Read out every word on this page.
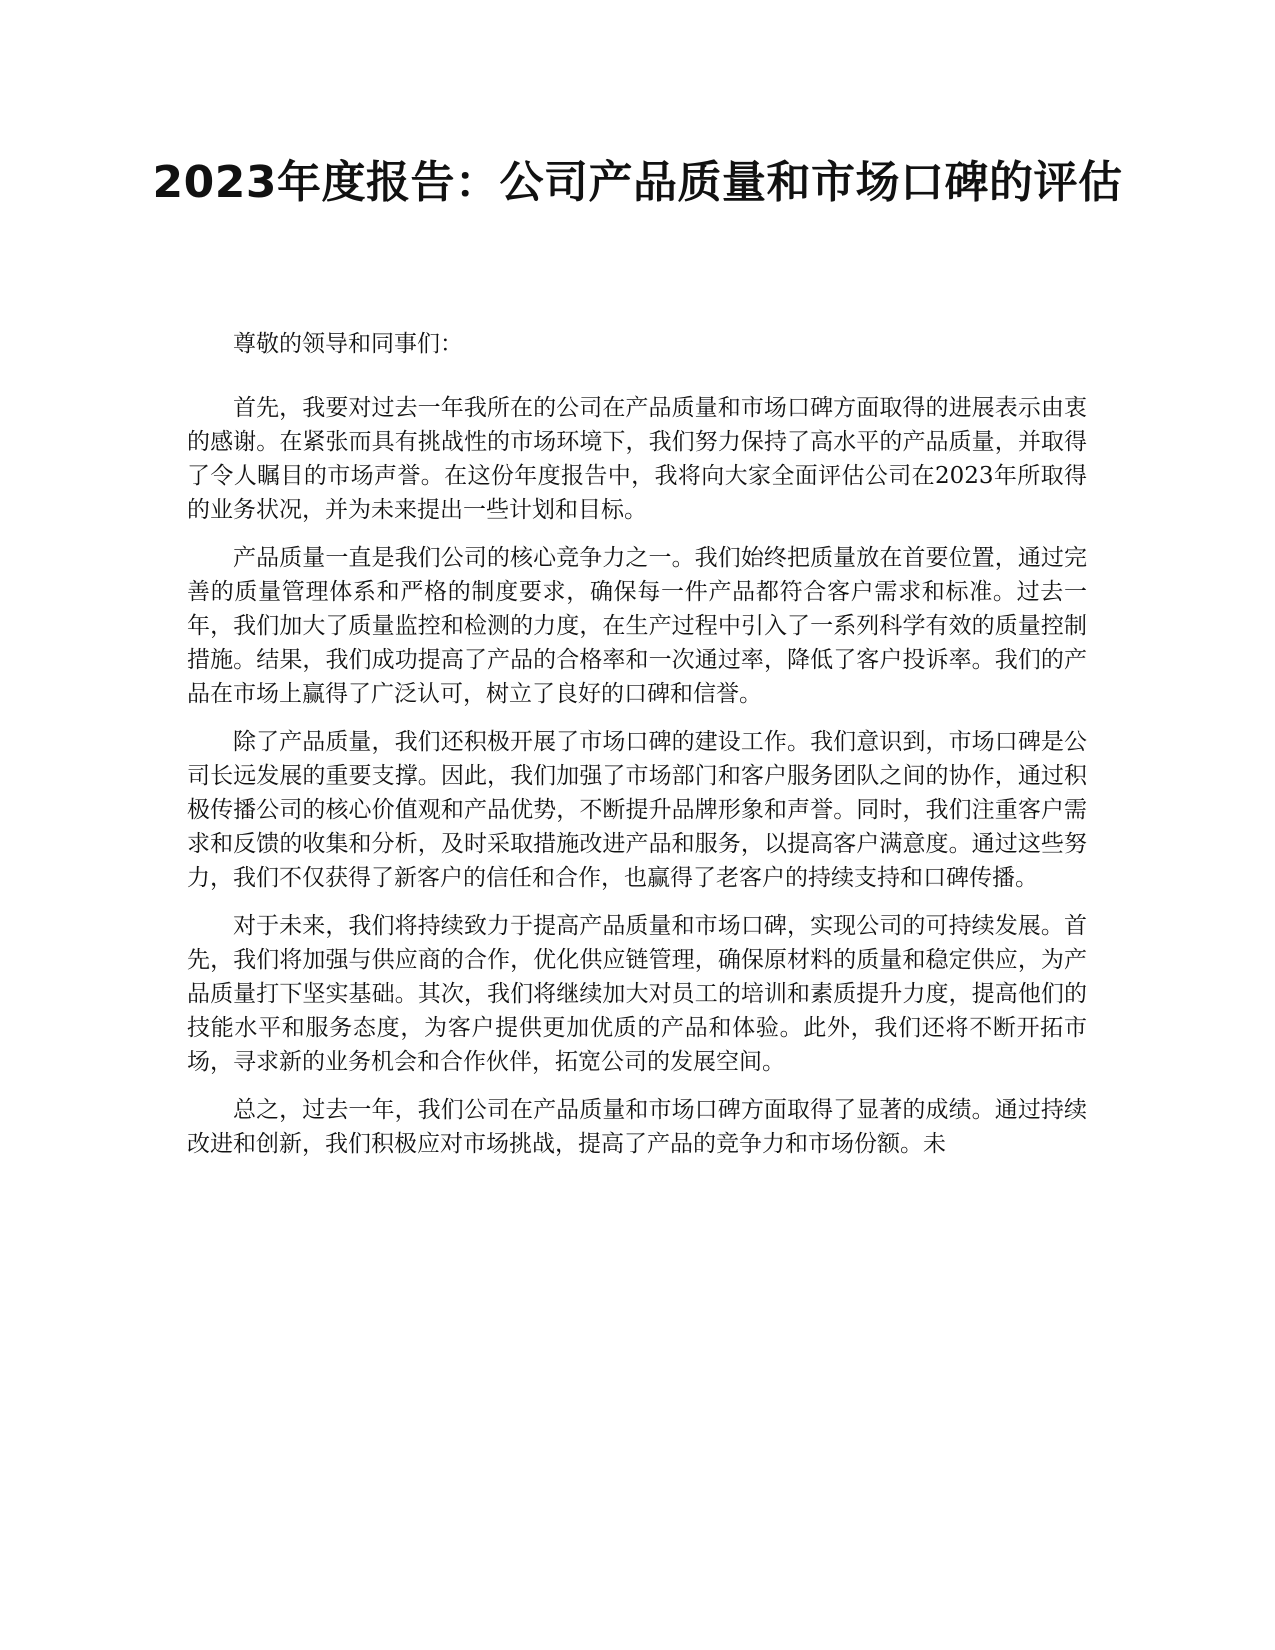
2023年度报告：公司产品质量和市场口碑的评估

尊敬的领导和同事们：

首先，我要对过去一年我所在的公司在产品质量和市场口碑方面取得的进展表示由衷的感谢。在紧张而具有挑战性的市场环境下，我们努力保持了高水平的产品质量，并取得了令人瞩目的市场声誉。在这份年度报告中，我将向大家全面评估公司在2023年所取得的业务状况，并为未来提出一些计划和目标。

产品质量一直是我们公司的核心竞争力之一。我们始终把质量放在首要位置，通过完善的质量管理体系和严格的制度要求，确保每一件产品都符合客户需求和标准。过去一年，我们加大了质量监控和检测的力度，在生产过程中引入了一系列科学有效的质量控制措施。结果，我们成功提高了产品的合格率和一次通过率，降低了客户投诉率。我们的产品在市场上赢得了广泛认可，树立了良好的口碑和信誉。

除了产品质量，我们还积极开展了市场口碑的建设工作。我们意识到，市场口碑是公司长远发展的重要支撑。因此，我们加强了市场部门和客户服务团队之间的协作，通过积极传播公司的核心价值观和产品优势，不断提升品牌形象和声誉。同时，我们注重客户需求和反馈的收集和分析，及时采取措施改进产品和服务，以提高客户满意度。通过这些努力，我们不仅获得了新客户的信任和合作，也赢得了老客户的持续支持和口碑传播。

对于未来，我们将持续致力于提高产品质量和市场口碑，实现公司的可持续发展。首先，我们将加强与供应商的合作，优化供应链管理，确保原材料的质量和稳定供应，为产品质量打下坚实基础。其次，我们将继续加大对员工的培训和素质提升力度，提高他们的技能水平和服务态度，为客户提供更加优质的产品和体验。此外，我们还将不断开拓市场，寻求新的业务机会和合作伙伴，拓宽公司的发展空间。

总之，过去一年，我们公司在产品质量和市场口碑方面取得了显著的成绩。通过持续改进和创新，我们积极应对市场挑战，提高了产品的竞争力和市场份额。未
